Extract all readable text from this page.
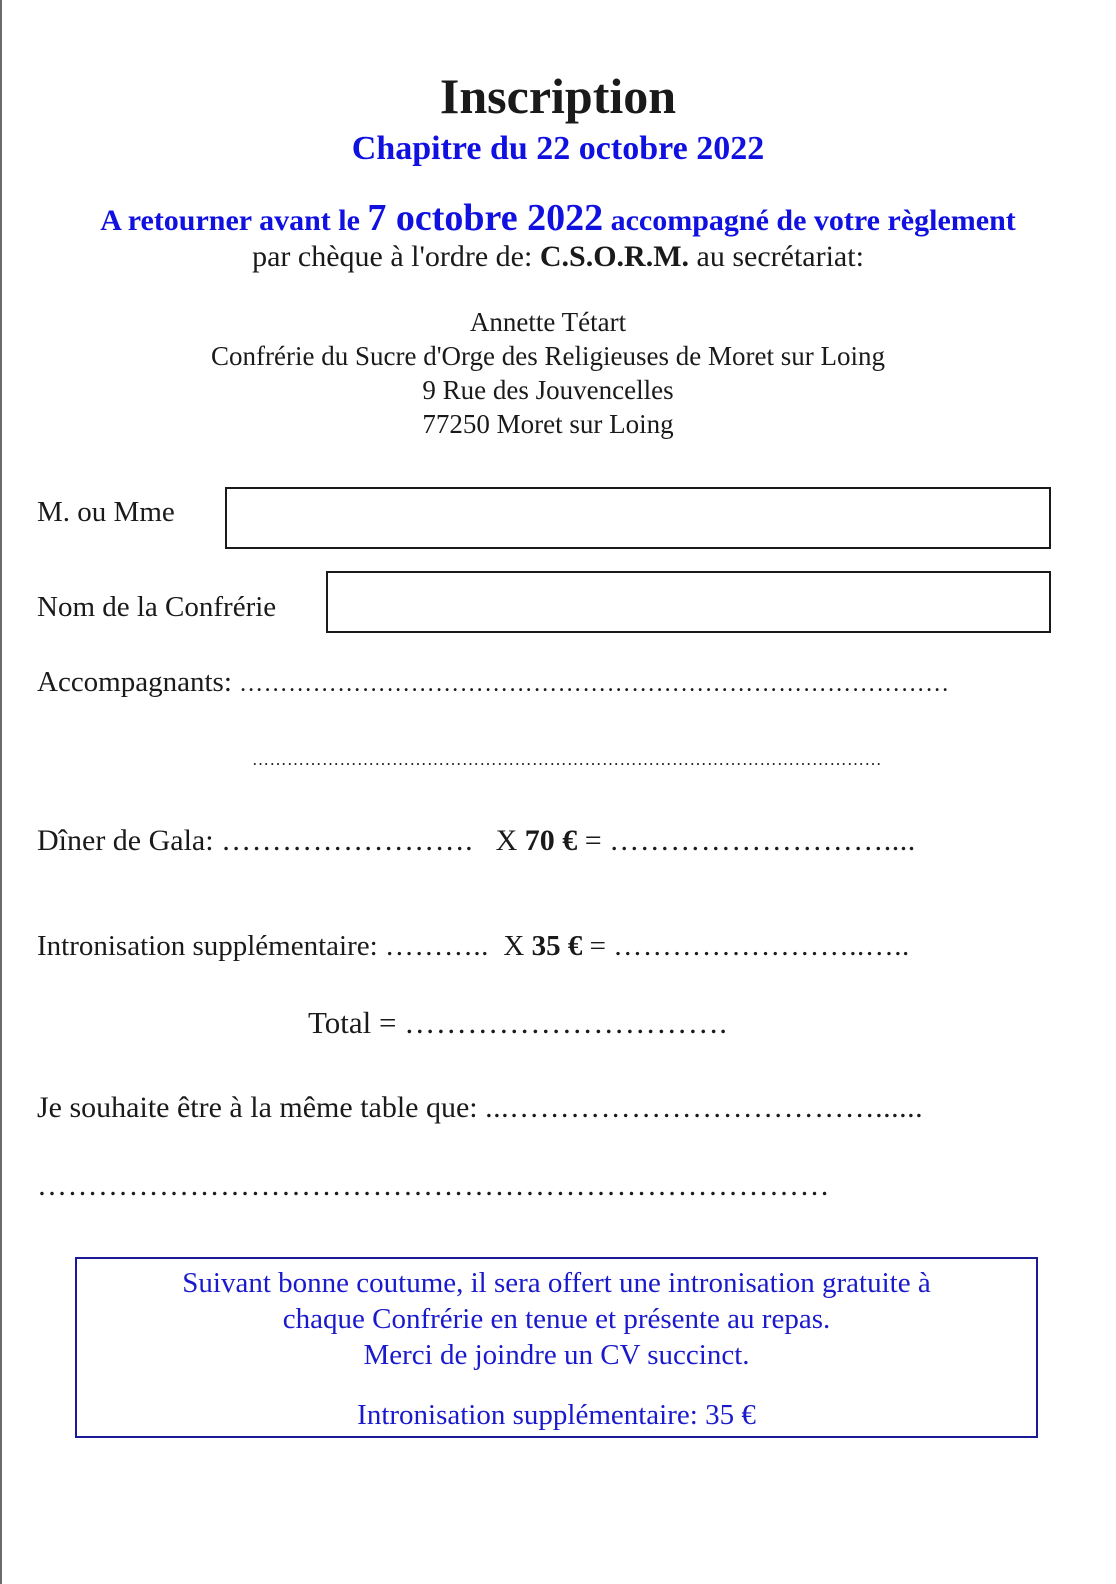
Inscription
Chapitre du 22 octobre 2022
A retourner avant le 7 octobre 2022 accompagné de votre règlement
par chèque à l'ordre de: C.S.O.R.M. au secrétariat:
Annette Tétart
Confrérie du Sucre d'Orge des Religieuses de Moret sur Loing
9 Rue des Jouvencelles
77250 Moret sur Loing
M. ou Mme
Nom de la Confrérie
Accompagnants: ……………………………………………………………………………
………………………………………………………………………………………………
Dîner de Gala: ……………………. X 70 € = ………………………....
Intronisation supplémentaire: ……….. X 35 € = ……………………..…..
Total = ………………………….
Je souhaite être à la même table que: ...………………………………......
……………………………………………………………………
Suivant bonne coutume, il sera offert une intronisation gratuite à
chaque Confrérie en tenue et présente au repas.
Merci de joindre un CV succinct.
Intronisation supplémentaire: 35 €
